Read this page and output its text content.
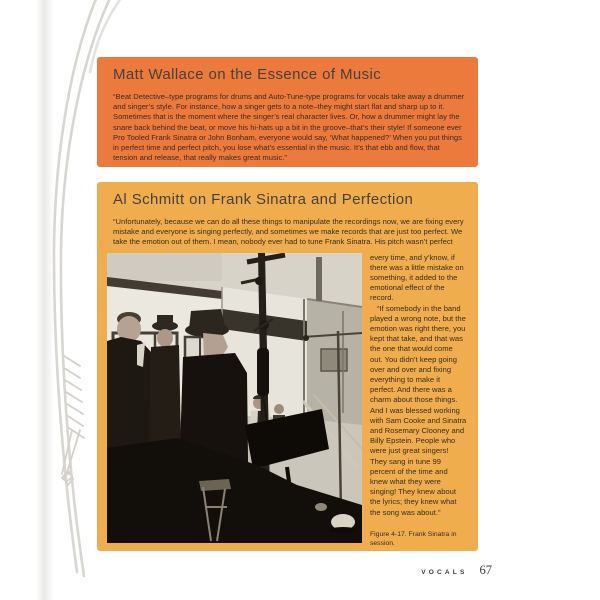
Matt Wallace on the Essence of Music

“Beat Detective–type programs for drums and Auto-Tune-type programs for vocals take away a drummer and singer’s style. For instance, how a singer gets to a note–they might start flat and sharp up to it. Sometimes that is the moment where the singer’s real character lives. Or, how a drummer might lay the snare back behind the beat, or move his hi-hats up a bit in the groove–that’s their style! If someone ever Pro Tooled Frank Sinatra or John Bonham, everyone would say, ‘What happened?’ When you put things in perfect time and perfect pitch, you lose what’s essential in the music. It’s that ebb and flow, that tension and release, that really makes great music.”

Al Schmitt on Frank Sinatra and Perfection

“Unfortunately, because we can do all these things to manipulate the recordings now, we are fixing every mistake and everyone is singing perfectly, and sometimes we make records that are just too perfect. We take the emotion out of them. I mean, nobody ever had to tune Frank Sinatra. His pitch wasn’t perfect

every time, and y’know, if there was a little mistake on something, it added to the emotional effect of the record.

“If somebody in the band played a wrong note, but the emotion was right there, you kept that take, and that was the one that would come out. You didn’t keep going over and over and fixing everything to make it perfect. And there was a charm about those things. And I was blessed working with Sam Cooke and Sinatra and Rosemary Clooney and Billy Epstein. People who were just great singers! They sang in tune 99 percent of the time and knew what they were singing! They knew about the lyrics; they knew what the song was about.”

Figure 4-17. Frank Sinatra in session.
VOCALS 67
